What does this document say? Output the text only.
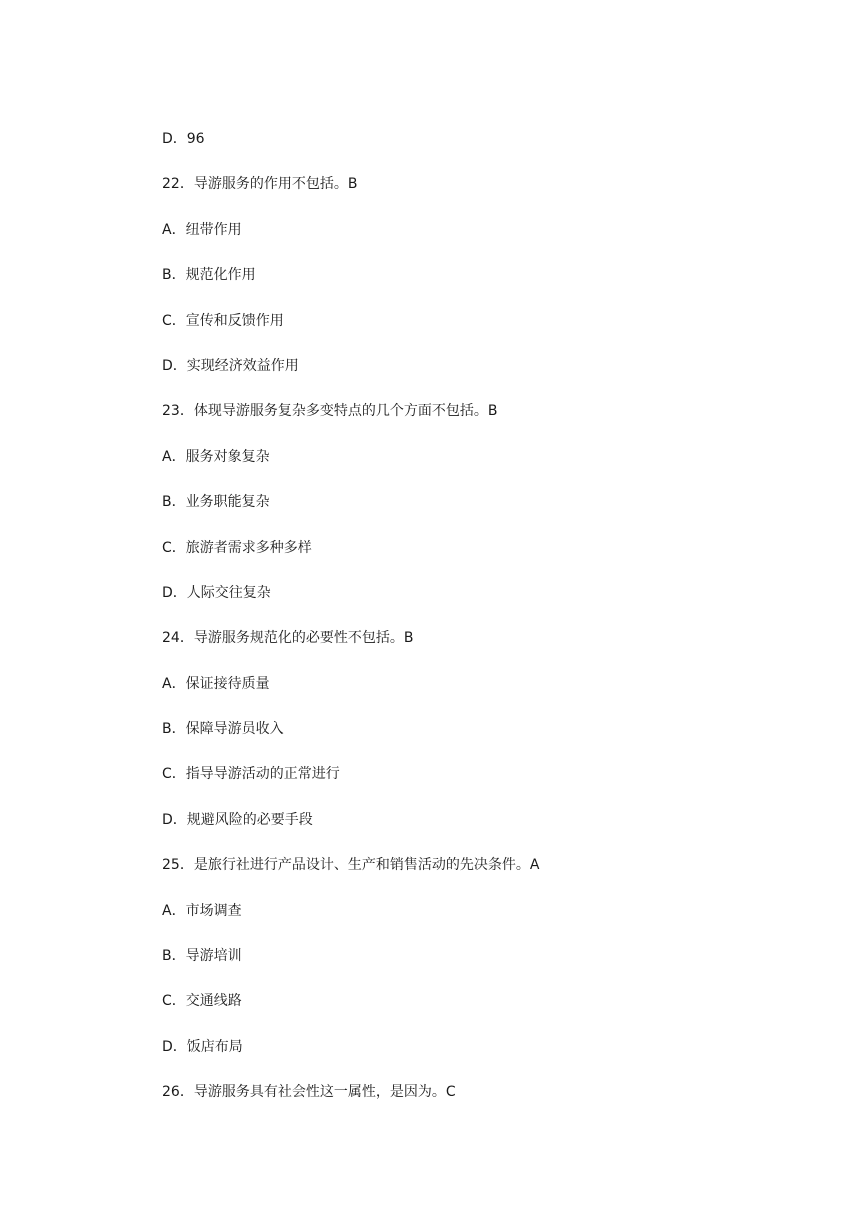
D．96
22．导游服务的作用不包括。B
A．纽带作用
B．规范化作用
C．宣传和反馈作用
D．实现经济效益作用
23．体现导游服务复杂多变特点的几个方面不包括。B
A．服务对象复杂
B．业务职能复杂
C．旅游者需求多种多样
D．人际交往复杂
24．导游服务规范化的必要性不包括。B
A．保证接待质量
B．保障导游员收入
C．指导导游活动的正常进行
D．规避风险的必要手段
25．是旅行社进行产品设计、生产和销售活动的先决条件。A
A．市场调查
B．导游培训
C．交通线路
D．饭店布局
26．导游服务具有社会性这一属性，是因为。C
